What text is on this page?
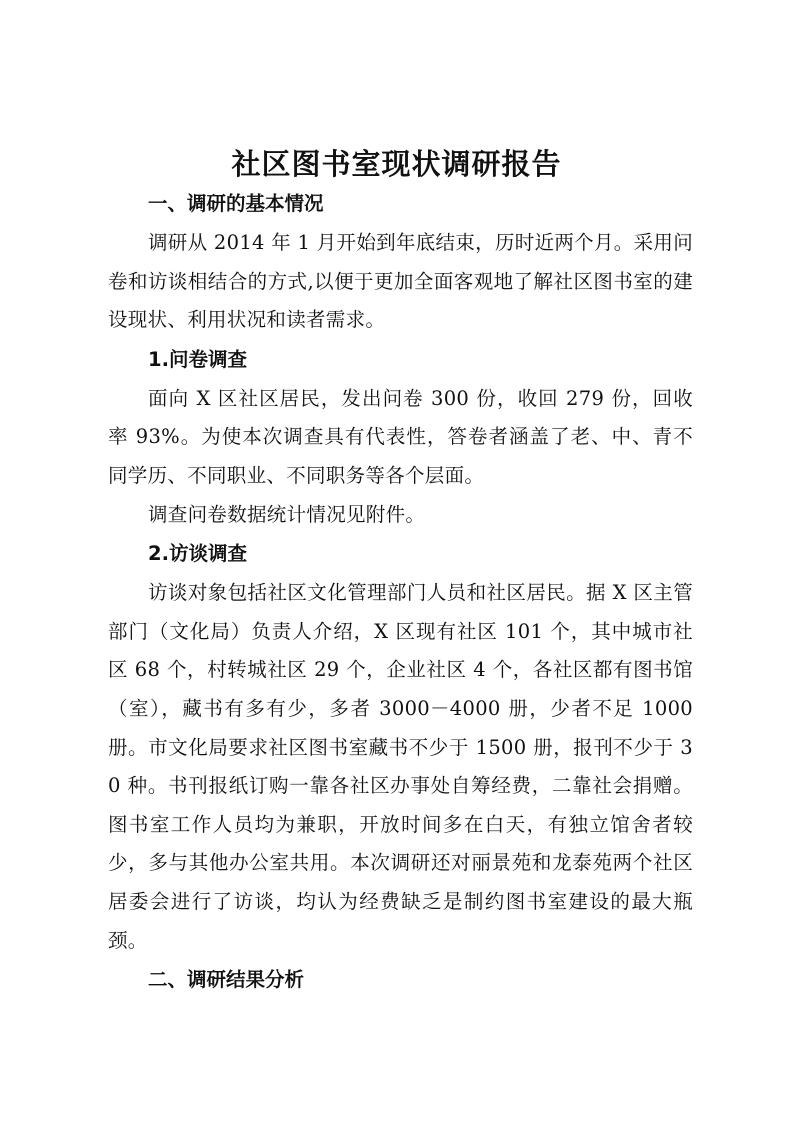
社区图书室现状调研报告

一、调研的基本情况

调研从 2014 年 1 月开始到年底结束，历时近两个月。采用问卷和访谈相结合的方式,以便于更加全面客观地了解社区图书室的建设现状、利用状况和读者需求。

1.问卷调查

面向 X 区社区居民，发出问卷 300 份，收回 279 份，回收率 93%。为使本次调查具有代表性，答卷者涵盖了老、中、青不同学历、不同职业、不同职务等各个层面。

调查问卷数据统计情况见附件。

2.访谈调查

访谈对象包括社区文化管理部门人员和社区居民。据 X 区主管部门（文化局）负责人介绍，X 区现有社区 101 个，其中城市社区 68 个，村转城社区 29 个，企业社区 4 个，各社区都有图书馆（室），藏书有多有少，多者 3000－4000 册，少者不足 1000 册。市文化局要求社区图书室藏书不少于 1500 册，报刊不少于 30 种。书刊报纸订购一靠各社区办事处自筹经费，二靠社会捐赠。图书室工作人员均为兼职，开放时间多在白天，有独立馆舍者较少，多与其他办公室共用。本次调研还对丽景苑和龙泰苑两个社区居委会进行了访谈，均认为经费缺乏是制约图书室建设的最大瓶颈。

二、调研结果分析
